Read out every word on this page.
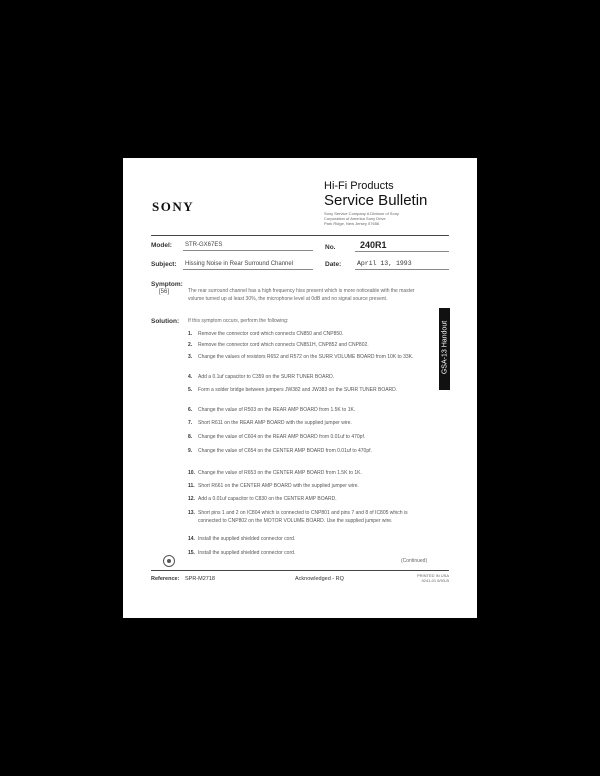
SONY
Hi-Fi Products
Service Bulletin
Sony Service Company A Division of Sony
Corporation of America Sony Drive
Park Ridge, New Jersey 07656
Model: STR-GX67ES	No.	240R1
Subject: Hissing Noise in Rear Surround Channel	Date: April 13, 1993
Symptom:
[56]	The rear surround channel has a high frequency hiss present which is more noticeable with the master volume turned up at least 30%, the microphone level at 0dB and no signal source present.
Solution: If this symptom occurs, perform the following:
1. Remove the connector cord which connects CN850 and CNP850.
2. Remove the connector cord which connects CN851H, CNP852 and CNP802.
3. Change the values of resistors R652 and R572 on the SURR VOLUME BOARD from 10K to 33K.
4. Add a 0.1uf capacitor to C359 on the SURR TUNER BOARD.
5. Form a solder bridge between jumpers JW382 and JW383 on the SURR TUNER BOARD.
6. Change the value of R503 on the REAR AMP BOARD from 1.5K to 1K.
7. Short R611 on the REAR AMP BOARD with the supplied jumper wire.
8. Change the value of C604 on the REAR AMP BOARD from 0.01uf to 470pf.
9. Change the value of C654 on the CENTER AMP BOARD from 0.01uf to 470pf.
10. Change the value of R653 on the CENTER AMP BOARD from 1.5K to 1K.
11. Short R661 on the CENTER AMP BOARD with the supplied jumper wire.
12. Add a 0.01uf capacitor to C830 on the CENTER AMP BOARD.
13. Short pins 1 and 2 on IC804 which is connected to CNP801 and pins 7 and 8 of IC805 which is connected to CNP802 on the MOTOR VOLUME BOARD. Use the supplied jumper wire.
14. Install the supplied shielded connector cord.
15. Install the supplied shielded connector cord.
(Continued)
GSA-13 Handout
Reference: SPR-M2718	Acknowledged - RQ
PRINTED IN USA
9241-01 8/93-B
